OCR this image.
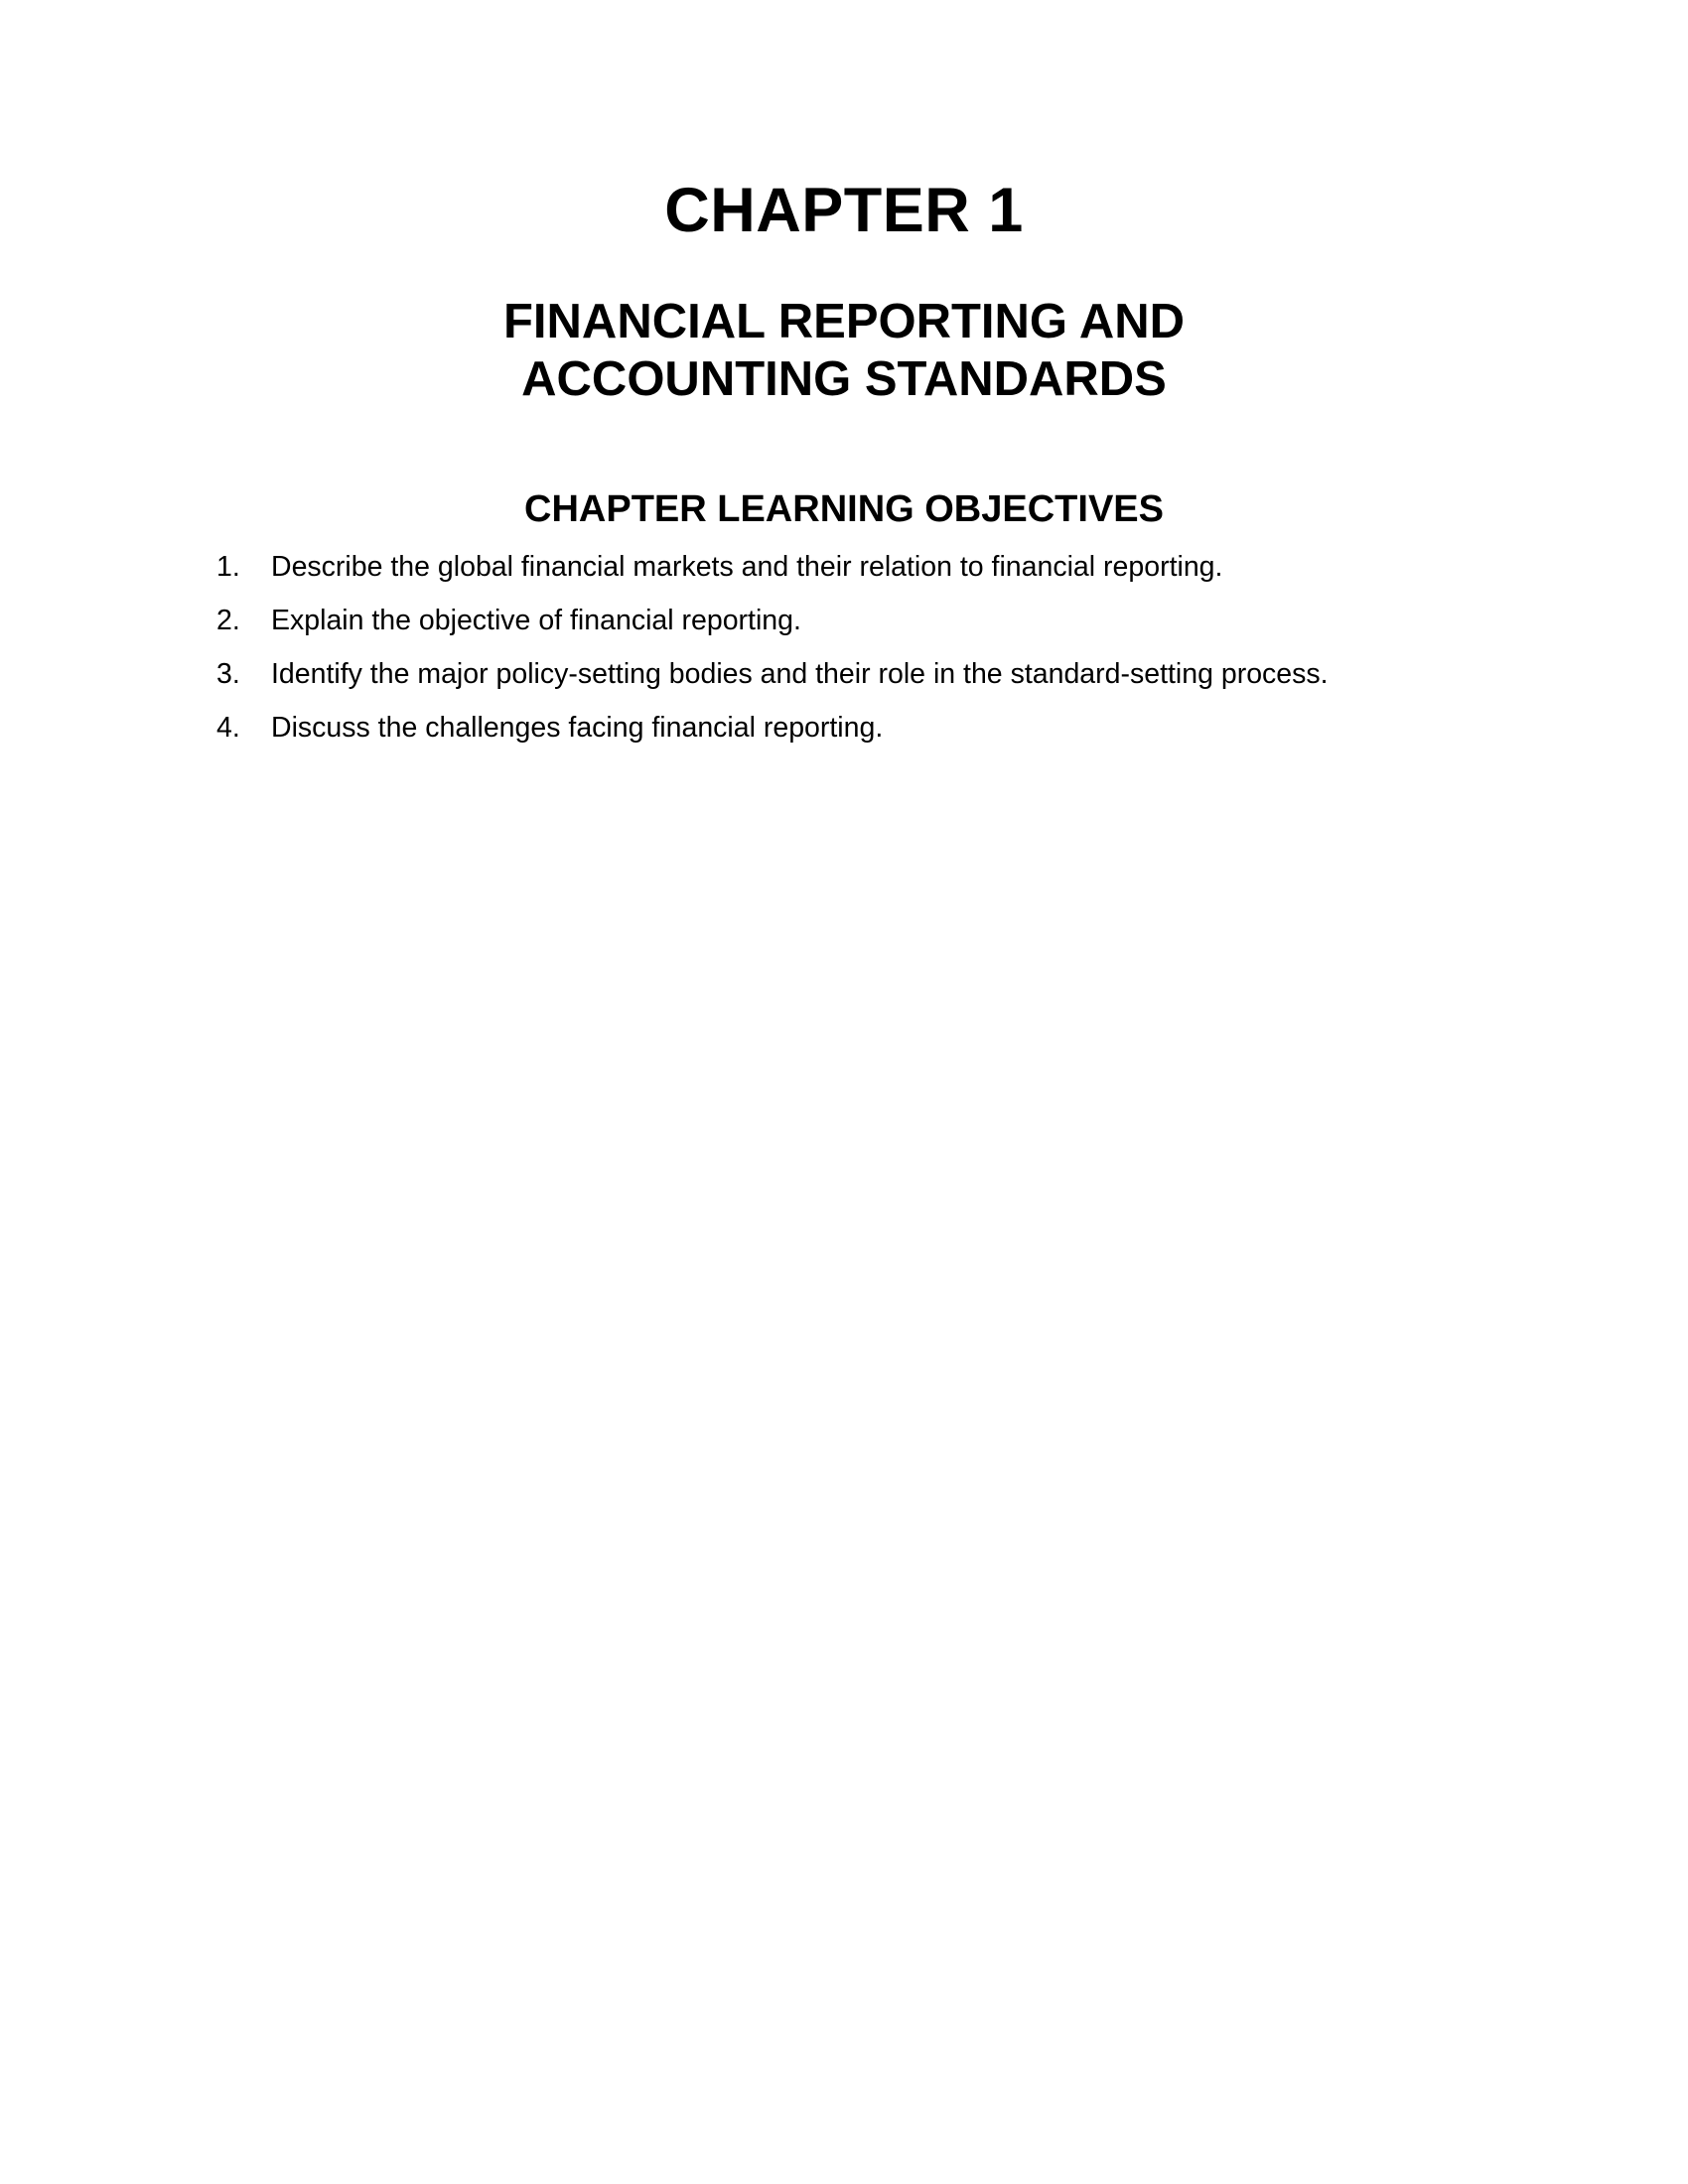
CHAPTER 1
FINANCIAL REPORTING AND
ACCOUNTING STANDARDS
CHAPTER LEARNING OBJECTIVES
1. Describe the global financial markets and their relation to financial reporting.
2. Explain the objective of financial reporting.
3. Identify the major policy-setting bodies and their role in the standard-setting process.
4. Discuss the challenges facing financial reporting.
